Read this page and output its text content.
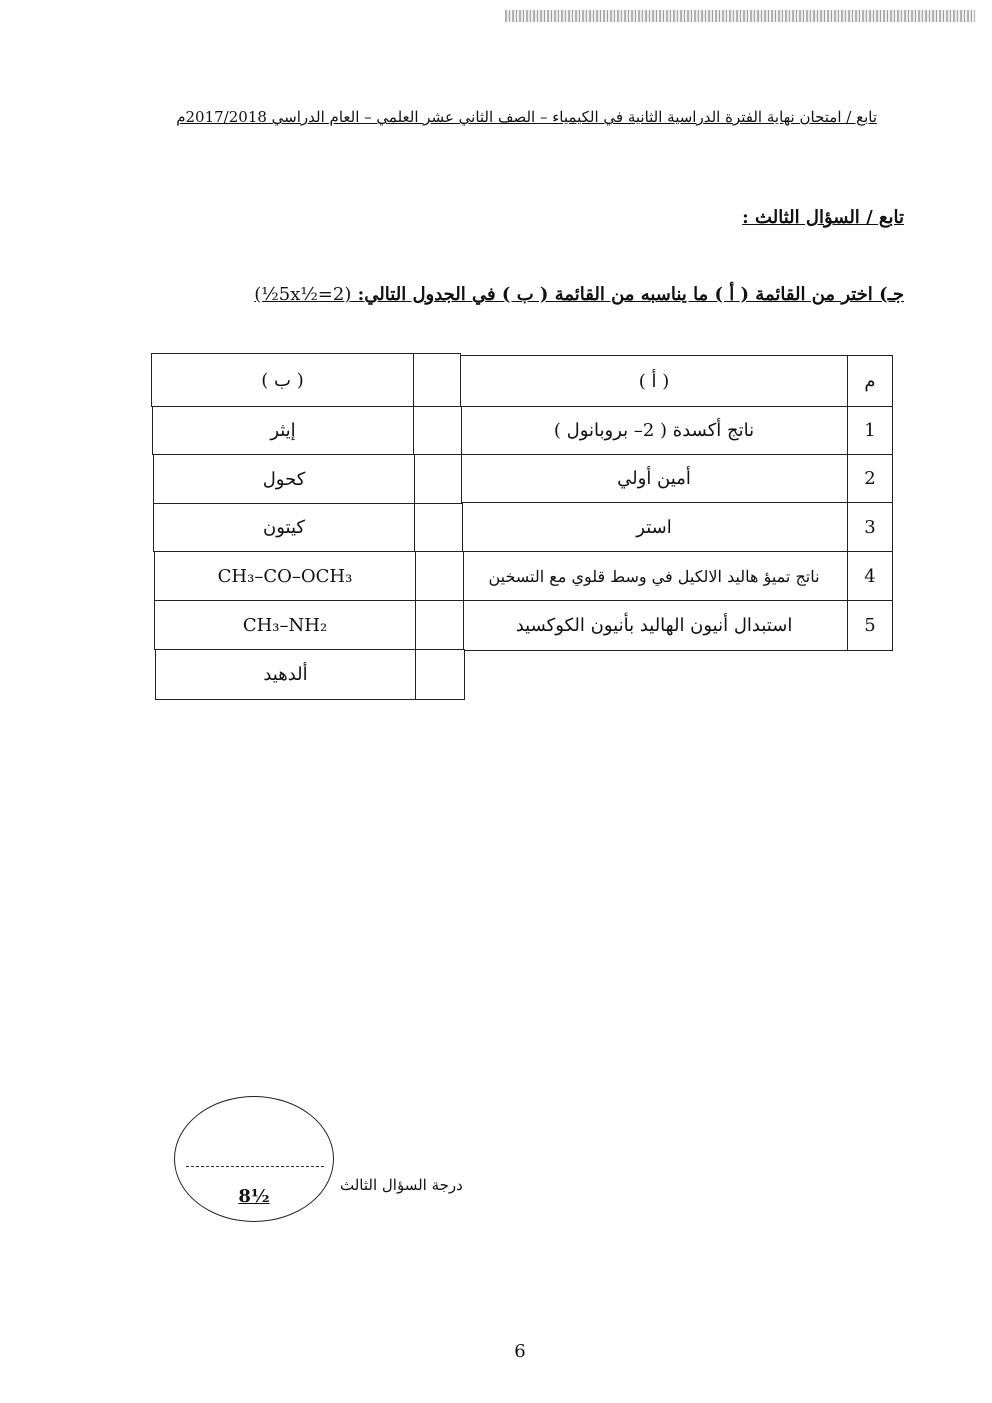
تابع / امتحان نهاية الفترة الدراسية الثانية في الكيمياء – الصف الثاني عشر العلمي – العام الدراسي 2017/2018م
تابع / السؤال الثالث :
جـ) اختر من القائمة ( أ ) ما يناسبه من القائمة ( ب ) في الجدول التالي: (5x½=2½)
م
( أ )
1
ناتج أكسدة ( 2– بروبانول )
2
أمين أولي
3
استر
4
ناتج تميؤ هاليد الالكيل في وسط قلوي مع التسخين
5
استبدال أنيون الهاليد بأنيون الكوكسيد
( ب )
إيثر
كحول
كيتون
CH₃–CO–OCH₃
CH₃–NH₂
ألدهيد
8½
درجة السؤال الثالث
6
